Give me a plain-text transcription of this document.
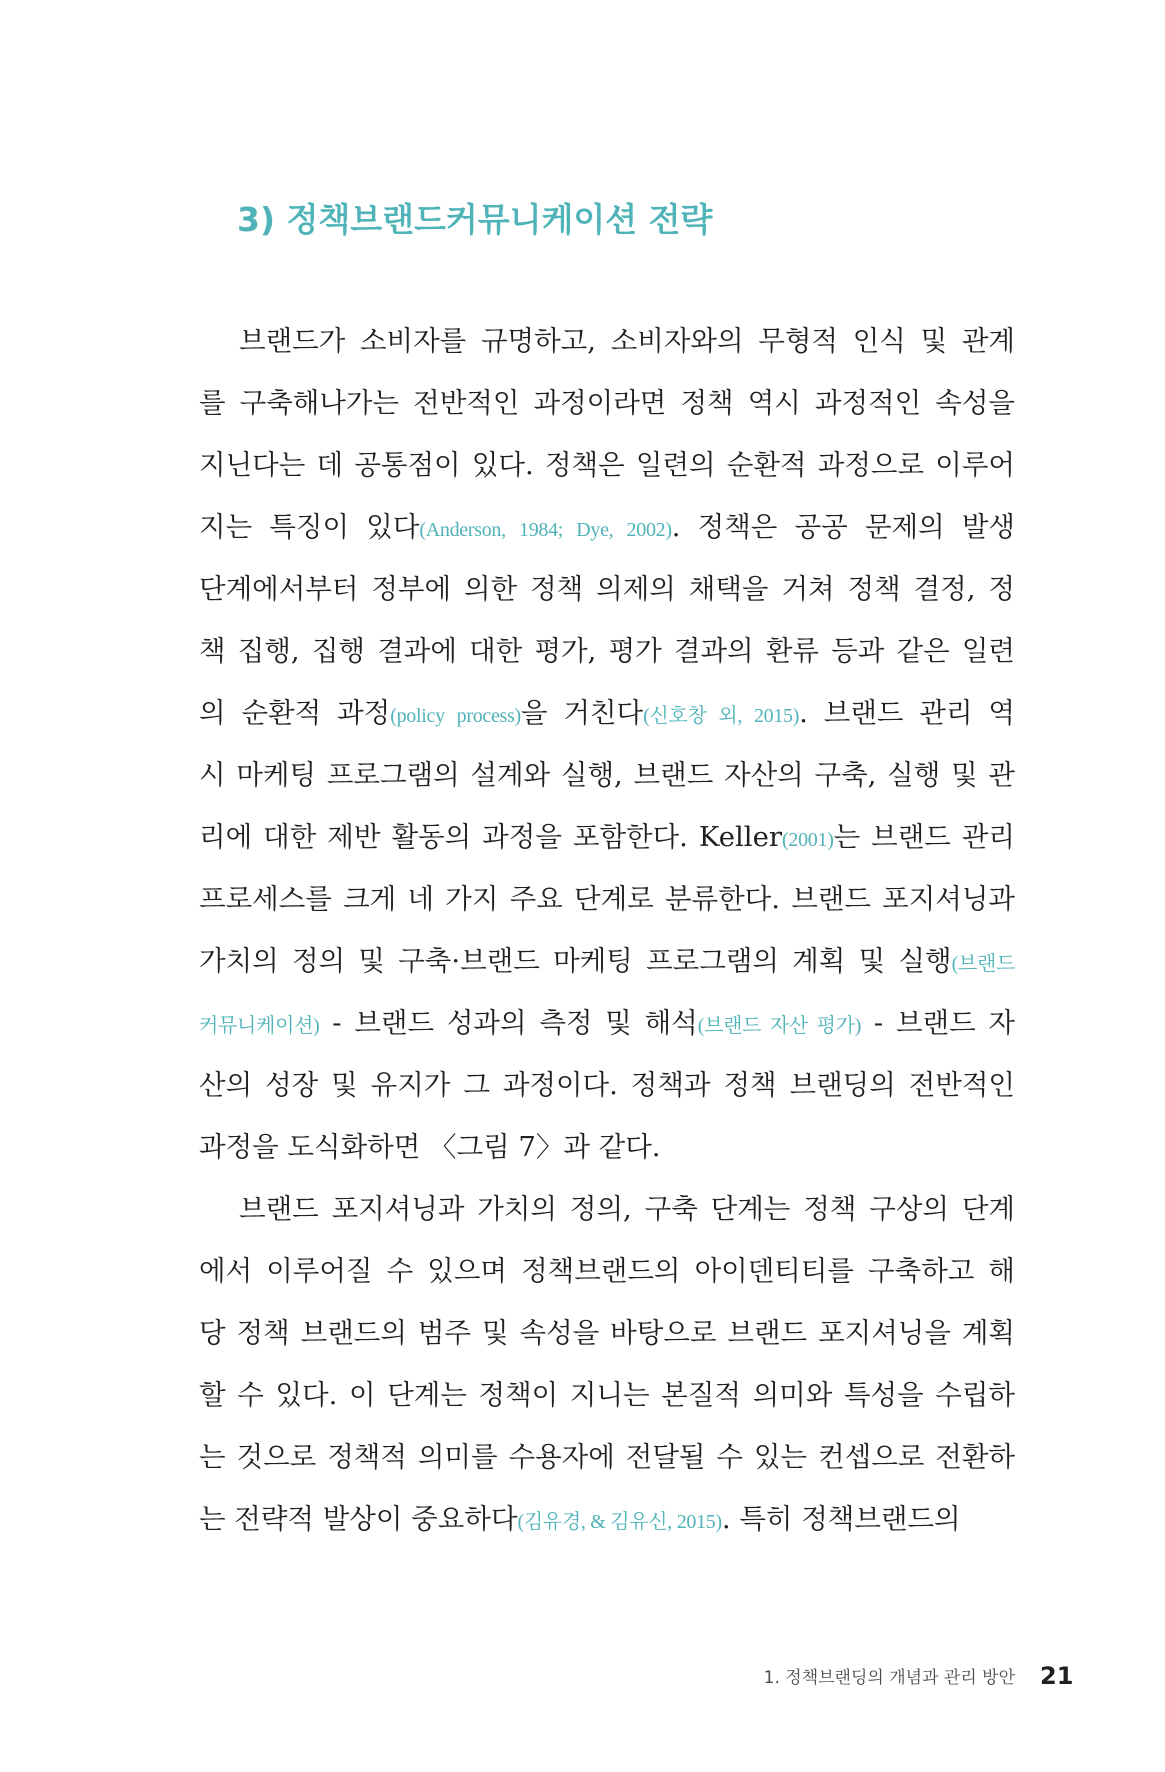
3) 정책브랜드커뮤니케이션 전략
브랜드가 소비자를 규명하고, 소비자와의 무형적 인식 및 관계
를 구축해나가는 전반적인 과정이라면 정책 역시 과정적인 속성을
지닌다는 데 공통점이 있다. 정책은 일련의 순환적 과정으로 이루어
지는 특징이 있다(Anderson, 1984; Dye, 2002). 정책은 공공 문제의 발생
단계에서부터 정부에 의한 정책 의제의 채택을 거쳐 정책 결정, 정
책 집행, 집행 결과에 대한 평가, 평가 결과의 환류 등과 같은 일련
의 순환적 과정(policy process)을 거친다(신호창 외, 2015). 브랜드 관리 역
시 마케팅 프로그램의 설계와 실행, 브랜드 자산의 구축, 실행 및 관
리에 대한 제반 활동의 과정을 포함한다. Keller(2001)는 브랜드 관리
프로세스를 크게 네 가지 주요 단계로 분류한다. 브랜드 포지셔닝과
가치의 정의 및 구축·브랜드 마케팅 프로그램의 계획 및 실행(브랜드
커뮤니케이션) - 브랜드 성과의 측정 및 해석(브랜드 자산 평가) - 브랜드 자
산의 성장 및 유지가 그 과정이다. 정책과 정책 브랜딩의 전반적인
과정을 도식화하면 〈그림 7〉과 같다.
브랜드 포지셔닝과 가치의 정의, 구축 단계는 정책 구상의 단계
에서 이루어질 수 있으며 정책브랜드의 아이덴티티를 구축하고 해
당 정책 브랜드의 범주 및 속성을 바탕으로 브랜드 포지셔닝을 계획
할 수 있다. 이 단계는 정책이 지니는 본질적 의미와 특성을 수립하
는 것으로 정책적 의미를 수용자에 전달될 수 있는 컨셉으로 전환하
는 전략적 발상이 중요하다(김유경, & 김유신, 2015). 특히 정책브랜드의
1. 정책브랜딩의 개념과 관리 방안 21
